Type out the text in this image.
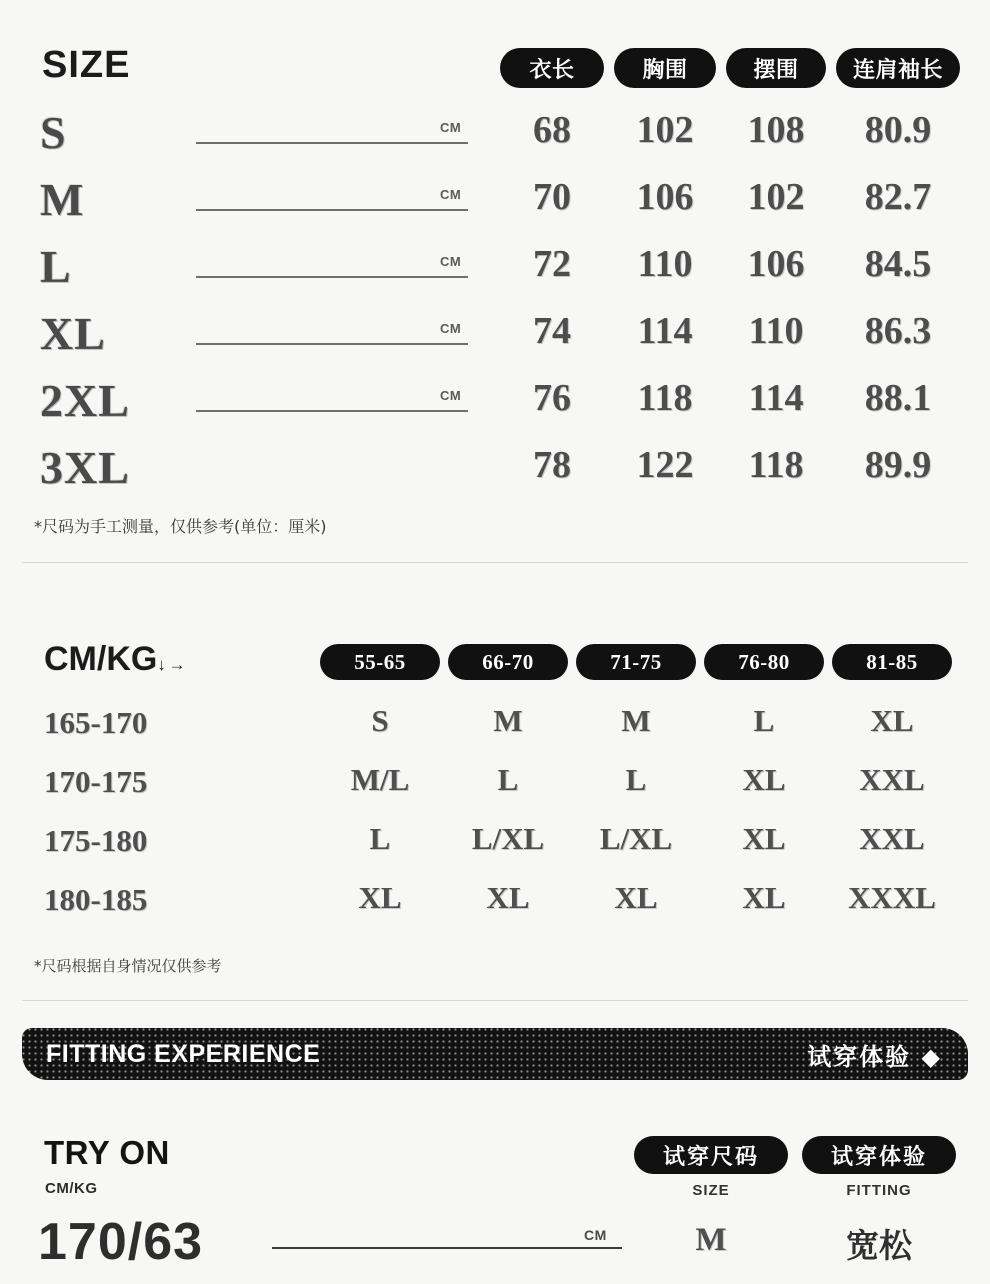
SIZE	衣长	胸围	摆围	连肩袖长
S	CM	68	102	108	80.9
M	CM	70	106	102	82.7
L	CM	72	110	106	84.5
XL	CM	74	114	110	86.3
2XL	CM	76	118	114	88.1
3XL	78	122	118	89.9
*尺码为手工测量，仅供参考(单位：厘米)
CM/KG↓ →	55-65	66-70	71-75	76-80	81-85
165-170	S	M	M	L	XL
170-175	M/L	L	L	XL	XXL
175-180	L	L/XL	L/XL	XL	XXL
180-185	XL	XL	XL	XL	XXXL
*尺码根据自身情况仅供参考
FITTING EXPERIENCE	试穿体验 ◆
TRY ON
CM/KG
试穿尺码	试穿体验
SIZE	FITTING
170/63	CM	M	宽松
